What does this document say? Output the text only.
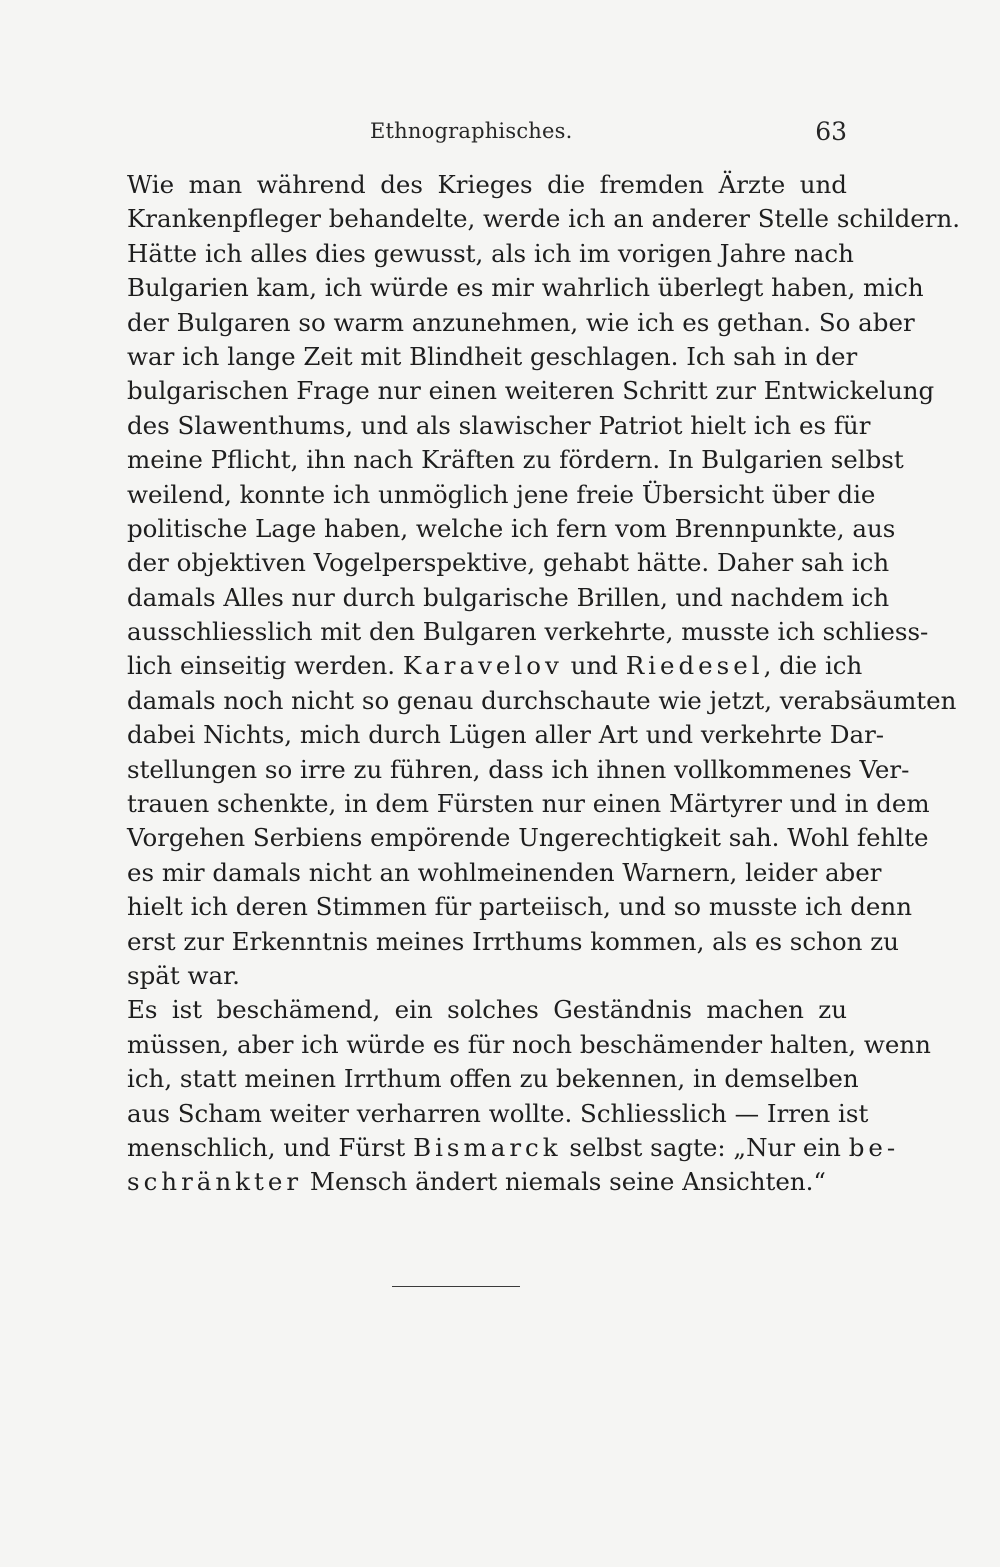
Ethnographisches.	63
Wie man während des Krieges die fremden Ärzte und
Krankenpfleger behandelte, werde ich an anderer Stelle schildern.
Hätte ich alles dies gewusst, als ich im vorigen Jahre nach
Bulgarien kam, ich würde es mir wahrlich überlegt haben, mich
der Bulgaren so warm anzunehmen, wie ich es gethan. So aber
war ich lange Zeit mit Blindheit geschlagen. Ich sah in der
bulgarischen Frage nur einen weiteren Schritt zur Entwickelung
des Slawenthums, und als slawischer Patriot hielt ich es für
meine Pflicht, ihn nach Kräften zu fördern. In Bulgarien selbst
weilend, konnte ich unmöglich jene freie Übersicht über die
politische Lage haben, welche ich fern vom Brennpunkte, aus
der objektiven Vogelperspektive, gehabt hätte. Daher sah ich
damals Alles nur durch bulgarische Brillen, und nachdem ich
ausschliesslich mit den Bulgaren verkehrte, musste ich schliess-
lich einseitig werden. Karavelov und Riedesel, die ich
damals noch nicht so genau durchschaute wie jetzt, verabsäumten
dabei Nichts, mich durch Lügen aller Art und verkehrte Dar-
stellungen so irre zu führen, dass ich ihnen vollkommenes Ver-
trauen schenkte, in dem Fürsten nur einen Märtyrer und in dem
Vorgehen Serbiens empörende Ungerechtigkeit sah. Wohl fehlte
es mir damals nicht an wohlmeinenden Warnern, leider aber
hielt ich deren Stimmen für parteiisch, und so musste ich denn
erst zur Erkenntnis meines Irrthums kommen, als es schon zu
spät war.
Es ist beschämend, ein solches Geständnis machen zu
müssen, aber ich würde es für noch beschämender halten, wenn
ich, statt meinen Irrthum offen zu bekennen, in demselben
aus Scham weiter verharren wollte. Schliesslich — Irren ist
menschlich, und Fürst Bismarck selbst sagte: „Nur ein be-
schränkter Mensch ändert niemals seine Ansichten.“
